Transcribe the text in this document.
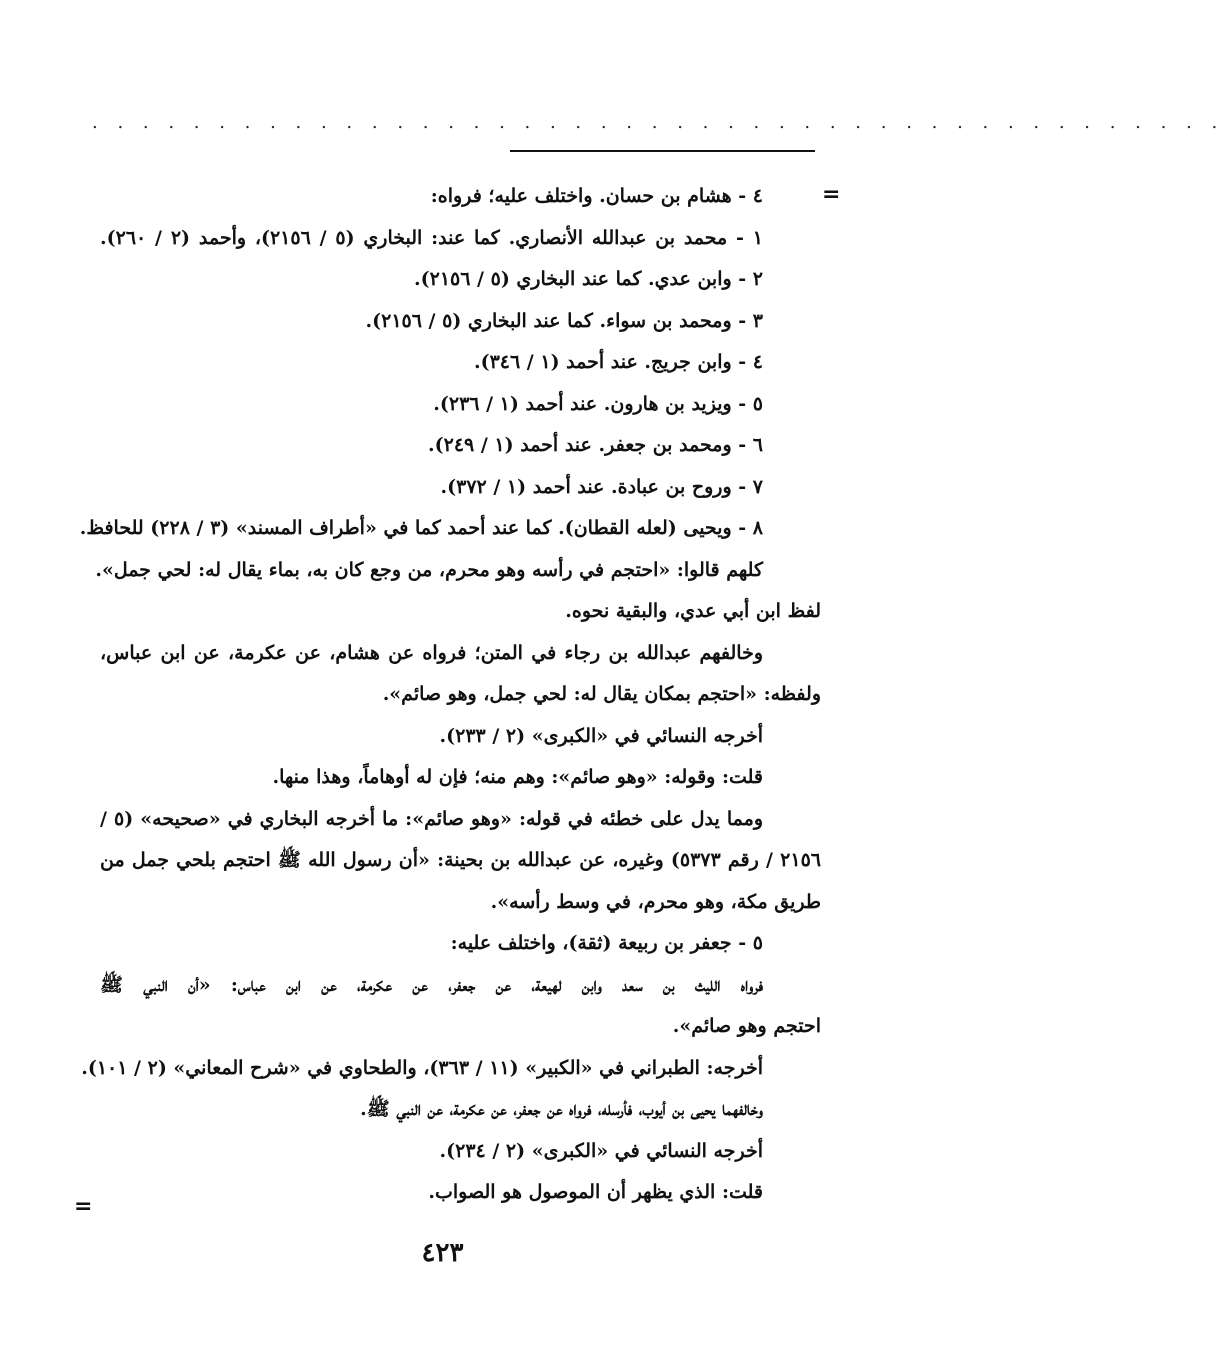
. . . . . . . . . . . . . . . . . . . . . . . . . . . . . . . . . . . . . . . . . . . . .
=
=
٤ - هشام بن حسان. واختلف عليه؛ فرواه:
١ - محمد بن عبدالله الأنصاري. كما عند: البخاري (٥ / ٢١٥٦)، وأحمد (٢ / ٢٦٠).
٢ - وابن عدي. كما عند البخاري (٥ / ٢١٥٦).
٣ - ومحمد بن سواء. كما عند البخاري (٥ / ٢١٥٦).
٤ - وابن جريج. عند أحمد (١ / ٣٤٦).
٥ - ويزيد بن هارون. عند أحمد (١ / ٢٣٦).
٦ - ومحمد بن جعفر. عند أحمد (١ / ٢٤٩).
٧ - وروح بن عبادة. عند أحمد (١ / ٣٧٢).
٨ - ويحيى (لعله القطان). كما عند أحمد كما في «أطراف المسند» (٣ / ٢٢٨) للحافظ.
كلهم قالوا: «احتجم في رأسه وهو محرم، من وجع كان به، بماء يقال له: لحي جمل».
لفظ ابن أبي عدي، والبقية نحوه.
وخالفهم عبدالله بن رجاء في المتن؛ فرواه عن هشام، عن عكرمة، عن ابن عباس،
ولفظه: «احتجم بمكان يقال له: لحي جمل، وهو صائم».
أخرجه النسائي في «الكبرى» (٢ / ٢٣٣).
قلت: وقوله: «وهو صائم»: وهم منه؛ فإن له أوهاماً، وهذا منها.
ومما يدل على خطئه في قوله: «وهو صائم»: ما أخرجه البخاري في «صحيحه» (٥ /
٢١٥٦ / رقم ٥٣٧٣) وغيره، عن عبدالله بن بحينة: «أن رسول الله ﷺ احتجم بلحي جمل من
طريق مكة، وهو محرم، في وسط رأسه».
٥ - جعفر بن ربيعة (ثقة)، واختلف عليه:
فرواه الليث بن سعد وابن لهيعة، عن جعفر، عن عكرمة، عن ابن عباس: «أن النبي ﷺ
احتجم وهو صائم».
أخرجه: الطبراني في «الكبير» (١١ / ٣٦٣)، والطحاوي في «شرح المعاني» (٢ / ١٠١).
وخالفهما يحيى بن أيوب، فأرسله، فرواه عن جعفر، عن عكرمة، عن النبي ﷺ.
أخرجه النسائي في «الكبرى» (٢ / ٢٣٤).
قلت: الذي يظهر أن الموصول هو الصواب.
٤٢٣
